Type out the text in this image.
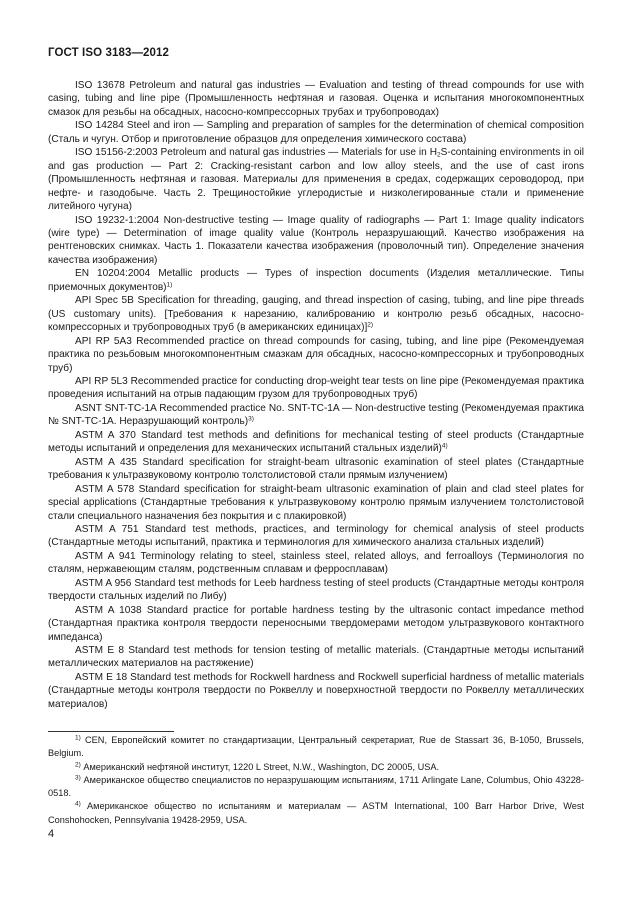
ГОСТ ISO 3183—2012

ISO 13678 Petroleum and natural gas industries — Evaluation and testing of thread compounds for use with casing, tubing and line pipe (Промышленность нефтяная и газовая. Оценка и испытания многокомпонентных смазок для резьбы на обсадных, насосно-компрессорных трубах и трубопроводах)

ISO 14284 Steel and iron — Sampling and preparation of samples for the determination of chemical composition (Сталь и чугун. Отбор и приготовление образцов для определения химического состава)

ISO 15156-2:2003 Petroleum and natural gas industries — Materials for use in $H_2S$-containing environments in oil and gas production — Part 2: Cracking-resistant carbon and low alloy steels, and the use of cast irons (Промышленность нефтяная и газовая. Материалы для применения в средах, содержащих сероводород, при нефте- и газодобыче. Часть 2. Трещиностойкие углеродистые и низколегированные стали и применение литейного чугуна)

ISO 19232-1:2004 Non-destructive testing — Image quality of radiographs — Part 1: Image quality indicators (wire type) — Determination of image quality value (Контроль неразрушающий. Качество изображения на рентгеновских снимках. Часть 1. Показатели качества изображения (проволочный тип). Определение значения качества изображения)

EN 10204:2004 Metallic products — Types of inspection documents (Изделия металлические. Типы приемочных документов)$^{1)}$

API Spec 5B Specification for threading, gauging, and thread inspection of casing, tubing, and line pipe threads (US customary units). [Требования к нарезанию, калиброванию и контролю резьб обсадных, насосно-компрессорных и трубопроводных труб (в американских единицах)]$^{2)}$

API RP 5A3 Recommended practice on thread compounds for casing, tubing, and line pipe (Рекомендуемая практика по резьбовым многокомпонентным смазкам для обсадных, насосно-компрессорных и трубопроводных труб)

API RP 5L3 Recommended practice for conducting drop-weight tear tests on line pipe (Рекомендуемая практика проведения испытаний на отрыв падающим грузом для трубопроводных труб)

ASNT SNT-TC-1A Recommended practice No. SNT-TC-1A — Non-destructive testing (Рекомендуемая практика № SNT-TC-1A. Неразрушающий контроль)$^{3)}$

ASTM A 370 Standard test methods and definitions for mechanical testing of steel products (Стандартные методы испытаний и определения для механических испытаний стальных изделий)$^{4)}$

ASTM A 435 Standard specification for straight-beam ultrasonic examination of steel plates (Стандартные требования к ультразвуковому контролю толстолистовой стали прямым излучением)

ASTM A 578 Standard specification for straight-beam ultrasonic examination of plain and clad steel plates for special applications (Стандартные требования к ультразвуковому контролю прямым излучением толстолистовой стали специального назначения без покрытия и с плакировкой)

ASTM A 751 Standard test methods, practices, and terminology for chemical analysis of steel products (Стандартные методы испытаний, практика и терминология для химического анализа стальных изделий)

ASTM A 941 Terminology relating to steel, stainless steel, related alloys, and ferroalloys (Терминология по сталям, нержавеющим сталям, родственным сплавам и ферросплавам)

ASTM A 956 Standard test methods for Leeb hardness testing of steel products (Стандартные методы контроля твердости стальных изделий по Либу)

ASTM A 1038 Standard practice for portable hardness testing by the ultrasonic contact impedance method (Стандартная практика контроля твердости переносными твердомерами методом ультразвукового контактного импеданса)

ASTM E 8 Standard test methods for tension testing of metallic materials. (Стандартные методы испытаний металлических материалов на растяжение)

ASTM E 18 Standard test methods for Rockwell hardness and Rockwell superficial hardness of metallic materials (Стандартные методы контроля твердости по Роквеллу и поверхностной твердости по Роквеллу металлических материалов)

$^{1)}$ CEN, Европейский комитет по стандартизации, Центральный секретариат, Rue de Stassart 36, B-1050, Brussels, Belgium.

$^{2)}$ Американский нефтяной институт, 1220 L Street, N.W., Washington, DC 20005, USA.

$^{3)}$ Американское общество специалистов по неразрушающим испытаниям, 1711 Arlingate Lane, Columbus, Ohio 43228-0518.

$^{4)}$ Американское общество по испытаниям и материалам — ASTM International, 100 Barr Harbor Drive, West Conshohocken, Pennsylvania 19428-2959, USA.

4
